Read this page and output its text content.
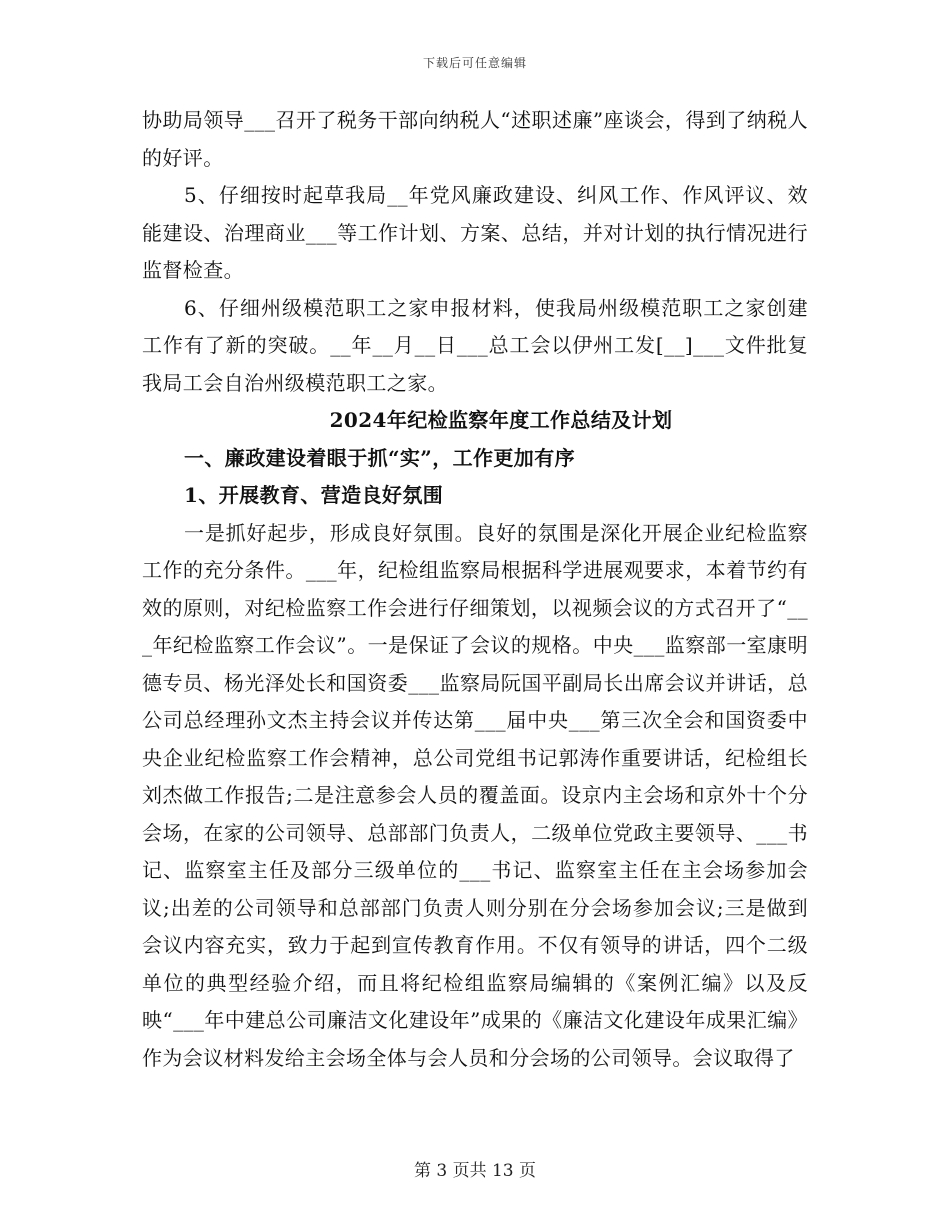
下载后可任意编辑

协助局领导___召开了税务干部向纳税人“述职述廉”座谈会，得到了纳税人的好评。

5、仔细按时起草我局__年党风廉政建设、纠风工作、作风评议、效能建设、治理商业___等工作计划、方案、总结，并对计划的执行情况进行监督检查。

6、仔细州级模范职工之家申报材料，使我局州级模范职工之家创建工作有了新的突破。__年__月__日___总工会以伊州工发[__]___文件批复我局工会自治州级模范职工之家。

2024年纪检监察年度工作总结及计划

一、廉政建设着眼于抓“实”，工作更加有序

1、开展教育、营造良好氛围

一是抓好起步，形成良好氛围。良好的氛围是深化开展企业纪检监察工作的充分条件。___年，纪检组监察局根据科学进展观要求，本着节约有效的原则，对纪检监察工作会进行仔细策划，以视频会议的方式召开了“___年纪检监察工作会议”。一是保证了会议的规格。中央___监察部一室康明德专员、杨光泽处长和国资委___监察局阮国平副局长出席会议并讲话，总公司总经理孙文杰主持会议并传达第___届中央___第三次全会和国资委中央企业纪检监察工作会精神，总公司党组书记郭涛作重要讲话，纪检组长刘杰做工作报告;二是注意参会人员的覆盖面。设京内主会场和京外十个分会场，在家的公司领导、总部部门负责人，二级单位党政主要领导、___书记、监察室主任及部分三级单位的___书记、监察室主任在主会场参加会议;出差的公司领导和总部部门负责人则分别在分会场参加会议;三是做到会议内容充实，致力于起到宣传教育作用。不仅有领导的讲话，四个二级单位的典型经验介绍，而且将纪检组监察局编辑的《案例汇编》以及反映“___年中建总公司廉洁文化建设年”成果的《廉洁文化建设年成果汇编》作为会议材料发给主会场全体与会人员和分会场的公司领导。会议取得了

第 3 页共 13 页
